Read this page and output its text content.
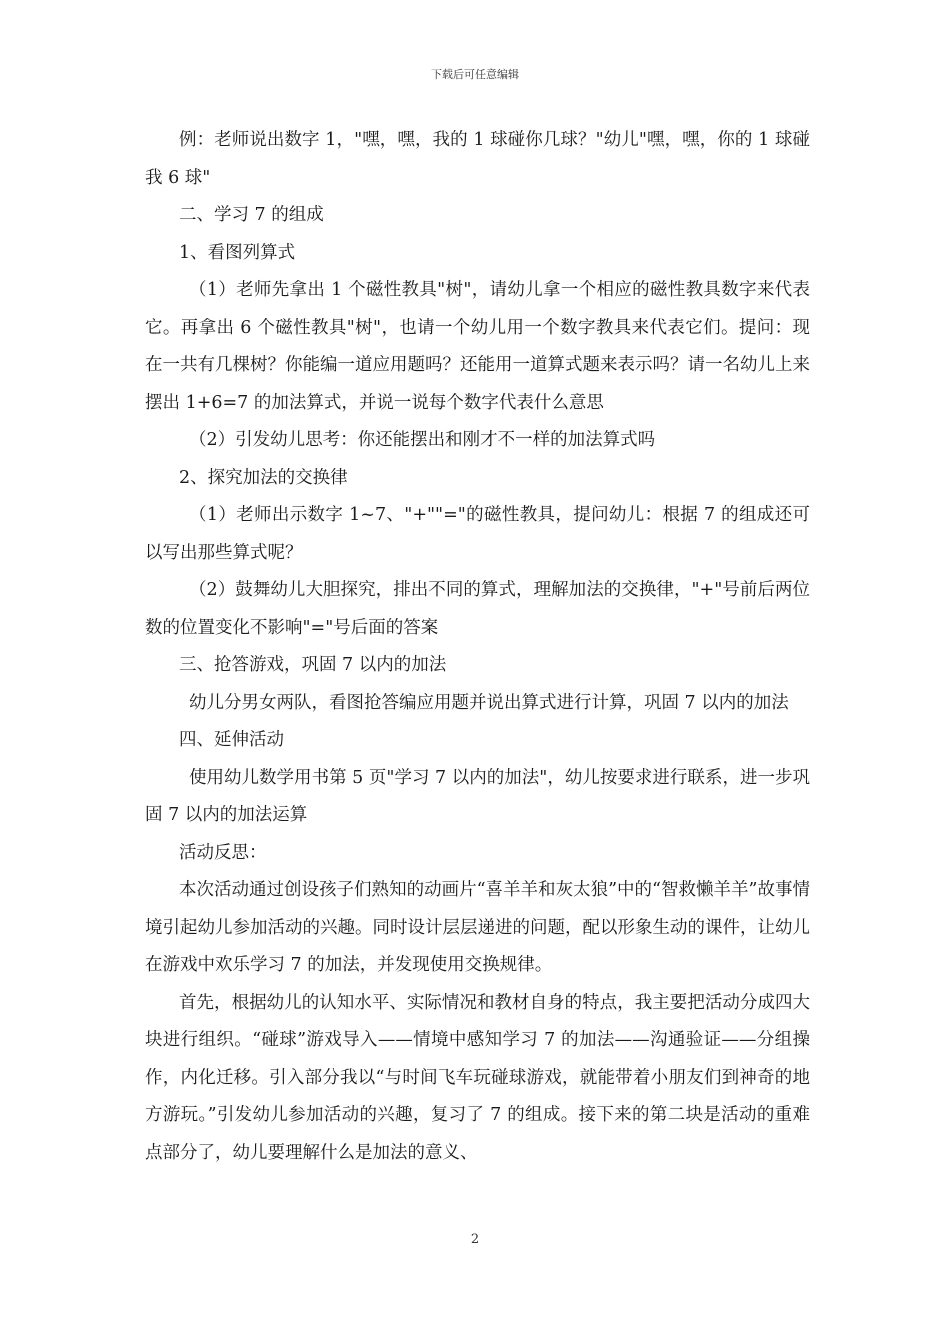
下载后可任意编辑

例：老师说出数字 1，"嘿，嘿，我的 1 球碰你几球？"幼儿"嘿，嘿，你的 1 球碰我 6 球"

二、学习 7 的组成

1、看图列算式

（1）老师先拿出 1 个磁性教具"树"，请幼儿拿一个相应的磁性教具数字来代表它。再拿出 6 个磁性教具"树"，也请一个幼儿用一个数字教具来代表它们。提问：现在一共有几棵树？你能编一道应用题吗？还能用一道算式题来表示吗？请一名幼儿上来摆出 1+6=7 的加法算式，并说一说每个数字代表什么意思

（2）引发幼儿思考：你还能摆出和刚才不一样的加法算式吗

2、探究加法的交换律

（1）老师出示数字 1~7、"+""="的磁性教具，提问幼儿：根据 7 的组成还可以写出那些算式呢？

（2）鼓舞幼儿大胆探究，排出不同的算式，理解加法的交换律，"+"号前后两位数的位置变化不影响"="号后面的答案

三、抢答游戏，巩固 7 以内的加法

幼儿分男女两队，看图抢答编应用题并说出算式进行计算，巩固 7 以内的加法

四、延伸活动

使用幼儿数学用书第 5 页"学习 7 以内的加法"，幼儿按要求进行联系，进一步巩固 7 以内的加法运算

活动反思：

本次活动通过创设孩子们熟知的动画片“喜羊羊和灰太狼”中的“智救懒羊羊”故事情境引起幼儿参加活动的兴趣。同时设计层层递进的问题，配以形象生动的课件，让幼儿在游戏中欢乐学习 7 的加法，并发现使用交换规律。

首先，根据幼儿的认知水平、实际情况和教材自身的特点，我主要把活动分成四大块进行组织。“碰球”游戏导入——情境中感知学习 7 的加法——沟通验证——分组操作，内化迁移。引入部分我以“与时间飞车玩碰球游戏，就能带着小朋友们到神奇的地方游玩。”引发幼儿参加活动的兴趣，复习了 7 的组成。接下来的第二块是活动的重难点部分了，幼儿要理解什么是加法的意义、

2
